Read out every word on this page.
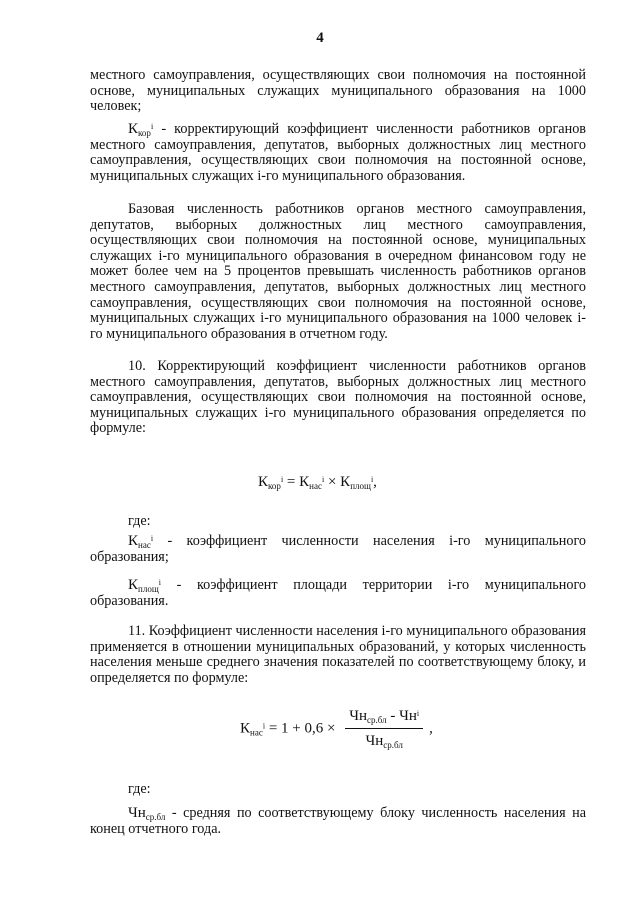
4
местного самоуправления, осуществляющих свои полномочия на постоянной основе, муниципальных служащих муниципального образования на 1000 человек;
$К_{кор}^i$ - корректирующий коэффициент численности работников органов местного самоуправления, депутатов, выборных должностных лиц местного самоуправления, осуществляющих свои полномочия на постоянной основе, муниципальных служащих i-го муниципального образования.
Базовая численность работников органов местного самоуправления, депутатов, выборных должностных лиц местного самоуправления, осуществляющих свои полномочия на постоянной основе, муниципальных служащих i-го муниципального образования в очередном финансовом году не может более чем на 5 процентов превышать численность работников органов местного самоуправления, депутатов, выборных должностных лиц местного самоуправления, осуществляющих свои полномочия на постоянной основе, муниципальных служащих i-го муниципального образования на 1000 человек i-го муниципального образования в отчетном году.
10. Корректирующий коэффициент численности работников органов местного самоуправления, депутатов, выборных должностных лиц местного самоуправления, осуществляющих свои полномочия на постоянной основе, муниципальных служащих i-го муниципального образования определяется по формуле:
$К_{кор}^i = К_{нас}^i \times К_{площ}^i$,
где:
$К_{нас}^i$ - коэффициент численности населения i-го муниципального образования;
$К_{площ}^i$ - коэффициент площади территории i-го муниципального образования.
11. Коэффициент численности населения i-го муниципального образования применяется в отношении муниципальных образований, у которых численность населения меньше среднего значения показателей по соответствующему блоку, и определяется по формуле:
$К_{нас}^i = 1 + 0,6 \times \frac{Чн_{ср.бл} - Чн^i}{Чн_{ср.бл}}$ ,
где:
$Чн_{ср.бл}$ - средняя по соответствующему блоку численность населения на конец отчетного года.
